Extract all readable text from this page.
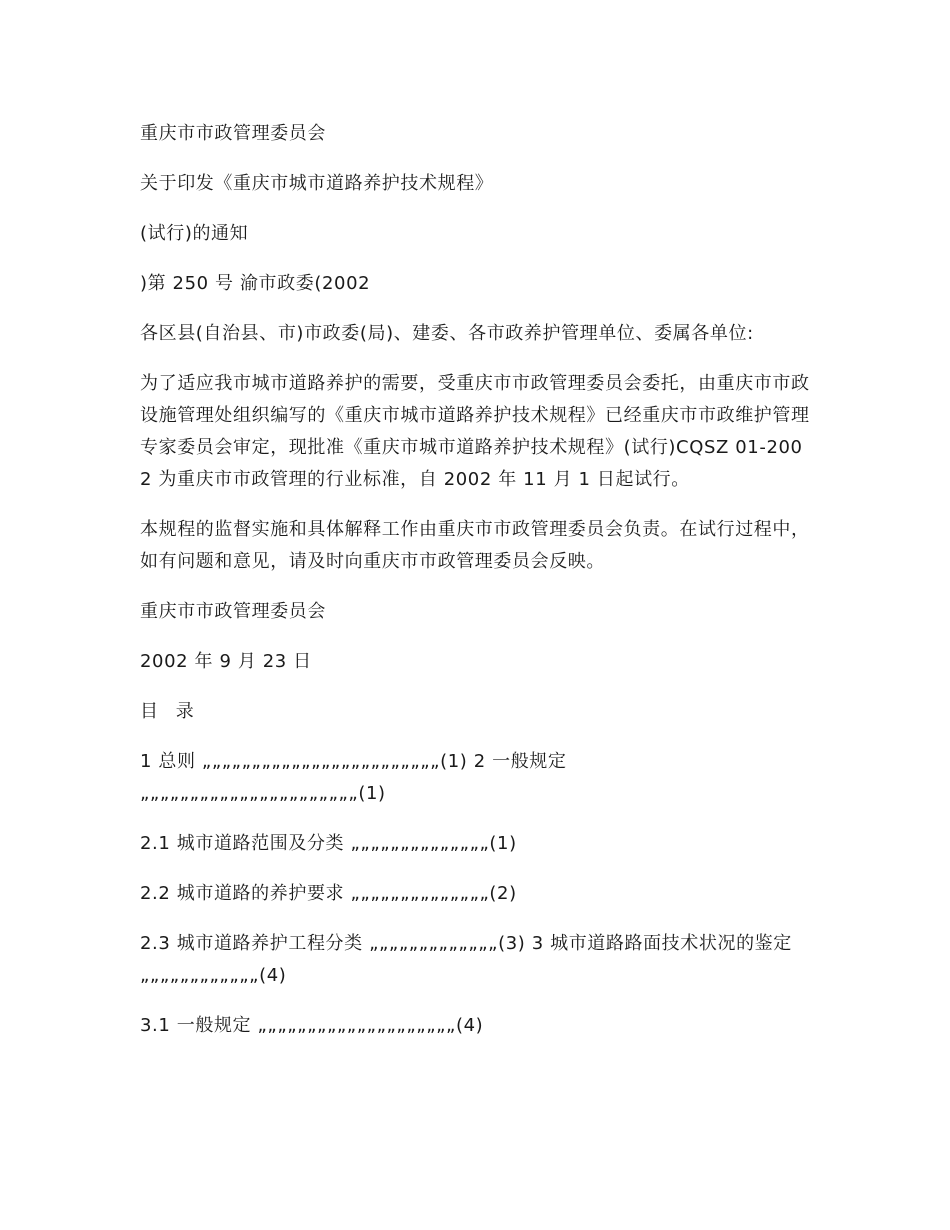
重庆市市政管理委员会

关于印发《重庆市城市道路养护技术规程》

(试行)的通知

)第 250 号 渝市政委(2002

各区县(自治县、市)市政委(局)、建委、各市政养护管理单位、委属各单位:

为了适应我市城市道路养护的需要，受重庆市市政管理委员会委托，由重庆市市政设施管理处组织编写的《重庆市城市道路养护技术规程》已经重庆市市政维护管理专家委员会审定，现批准《重庆市城市道路养护技术规程》(试行)CQSZ 01-2002 为重庆市市政管理的行业标准，自 2002 年 11 月 1 日起试行。

本规程的监督实施和具体解释工作由重庆市市政管理委员会负责。在试行过程中，如有问题和意见，请及时向重庆市市政管理委员会反映。

重庆市市政管理委员会

2002 年 9 月 23 日

目 录

1 总则 „„„„„„„„„„„„„„„„„„„„„„„„(1) 2 一般规定 „„„„„„„„„„„„„„„„„„„„„„(1)

2.1 城市道路范围及分类 „„„„„„„„„„„„„„(1)

2.2 城市道路的养护要求 „„„„„„„„„„„„„„(2)

2.3 城市道路养护工程分类 „„„„„„„„„„„„„(3) 3 城市道路路面技术状况的鉴定 „„„„„„„„„„„„(4)

3.1 一般规定 „„„„„„„„„„„„„„„„„„„„(4)
